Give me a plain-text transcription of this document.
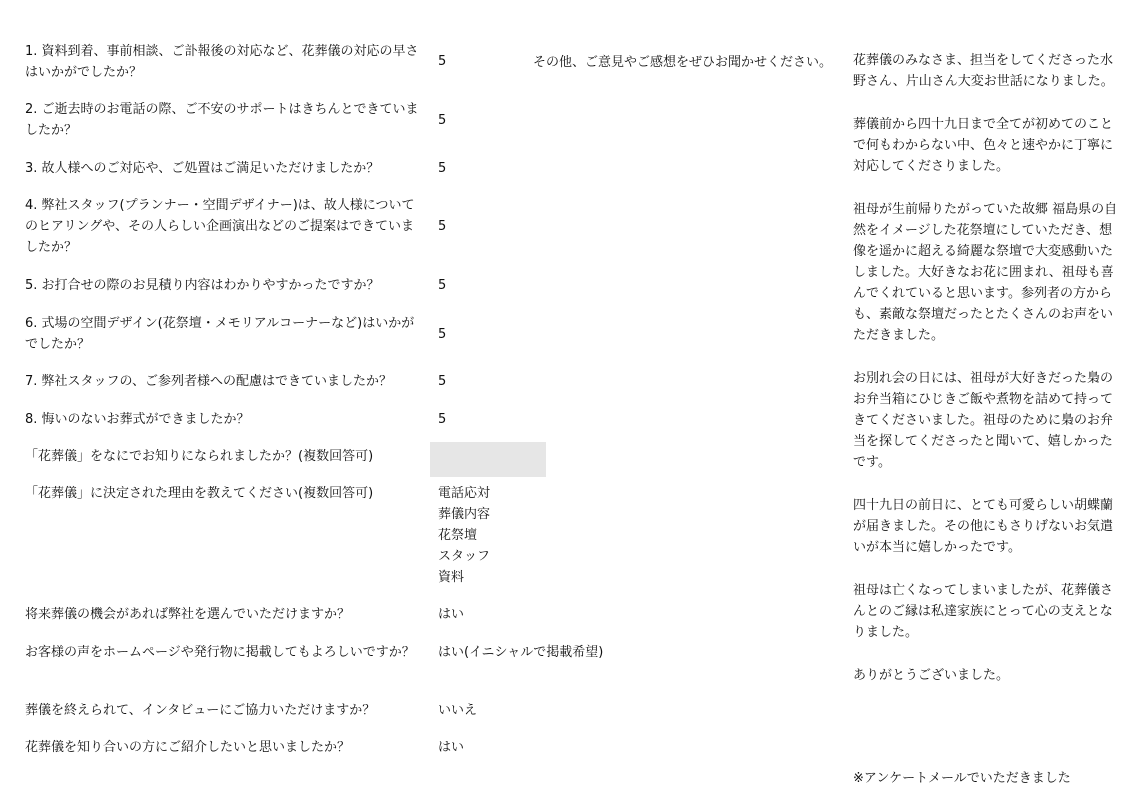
1. 資料到着、事前相談、ご訃報後の対応など、花葬儀の対応の早さはいかがでしたか？
5
2. ご逝去時のお電話の際、ご不安のサポートはきちんとできていましたか？
5
3. 故人様へのご対応や、ご処置はご満足いただけましたか？	5
4. 弊社スタッフ(プランナー・空間デザイナー)は、故人様についてのヒアリングや、その人らしい企画演出などのご提案はできていましたか？
5
5. お打合せの際のお見積り内容はわかりやすかったですか？	5
6. 式場の空間デザイン(花祭壇・メモリアルコーナーなど)はいかがでしたか？
5
7. 弊社スタッフの、ご参列者様への配慮はできていましたか？	5
8. 悔いのないお葬式ができましたか？	5
「花葬儀」をなにでお知りになられましたか？(複数回答可)
「花葬儀」に決定された理由を教えてください(複数回答可)	電話応対
葬儀内容
花祭壇
スタッフ
資料
将来葬儀の機会があれば弊社を選んでいただけますか？	はい
お客様の声をホームページや発行物に掲載してもよろしいですか？	はい(イニシャルで掲載希望)
葬儀を終えられて、インタビューにご協力いただけますか？	いいえ
花葬儀を知り合いの方にご紹介したいと思いましたか？	はい
その他、ご意見やご感想をぜひお聞かせください。 花葬儀のみなさま、担当をしてくださった水野さん、片山さん大変お世話になりました。

葬儀前から四十九日まで全てが初めてのことで何もわからない中、色々と速やかに丁寧に対応してくださりました。

祖母が生前帰りたがっていた故郷 福島県の自然をイメージした花祭壇にしていただき、想像を遥かに超える綺麗な祭壇で大変感動いたしました。大好きなお花に囲まれ、祖母も喜んでくれていると思います。参列者の方からも、素敵な祭壇だったとたくさんのお声をいただきました。

お別れ会の日には、祖母が大好きだった梟のお弁当箱にひじきご飯や煮物を詰めて持ってきてくださいました。祖母のために梟のお弁当を探してくださったと聞いて、嬉しかったです。

四十九日の前日に、とても可愛らしい胡蝶蘭が届きました。その他にもさりげないお気遣いが本当に嬉しかったです。

祖母は亡くなってしまいましたが、花葬儀さんとのご縁は私達家族にとって心の支えとなりました。

ありがとうございました。

※アンケートメールでいただきました
